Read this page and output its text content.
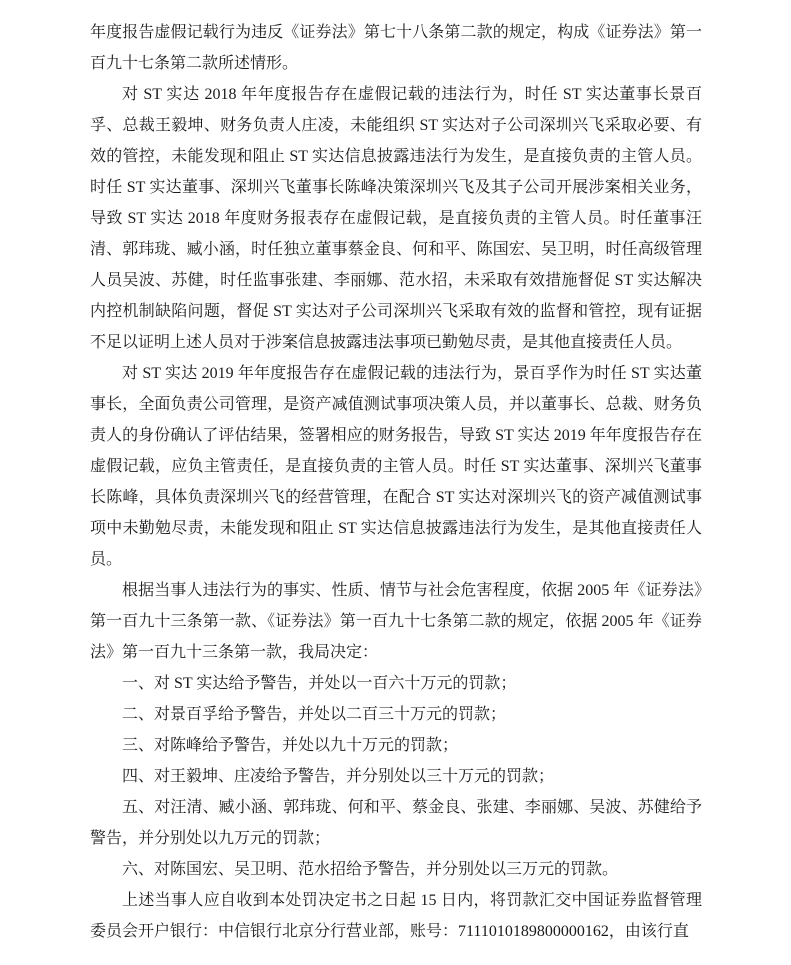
年度报告虚假记载行为违反《证券法》第七十八条第二款的规定，构成《证券法》第一百九十七条第二款所述情形。

对 ST 实达 2018 年年度报告存在虚假记载的违法行为，时任 ST 实达董事长景百孚、总裁王毅坤、财务负责人庄凌，未能组织 ST 实达对子公司深圳兴飞采取必要、有效的管控，未能发现和阻止 ST 实达信息披露违法行为发生，是直接负责的主管人员。时任 ST 实达董事、深圳兴飞董事长陈峰决策深圳兴飞及其子公司开展涉案相关业务，导致 ST 实达 2018 年度财务报表存在虚假记载，是直接负责的主管人员。时任董事汪清、郭玮珑、臧小涵，时任独立董事蔡金良、何和平、陈国宏、吴卫明，时任高级管理人员吴波、苏健，时任监事张建、李丽娜、范水招，未采取有效措施督促 ST 实达解决内控机制缺陷问题，督促 ST 实达对子公司深圳兴飞采取有效的监督和管控，现有证据不足以证明上述人员对于涉案信息披露违法事项已勤勉尽责，是其他直接责任人员。

对 ST 实达 2019 年年度报告存在虚假记载的违法行为，景百孚作为时任 ST 实达董事长，全面负责公司管理，是资产减值测试事项决策人员，并以董事长、总裁、财务负责人的身份确认了评估结果，签署相应的财务报告，导致 ST 实达 2019 年年度报告存在虚假记载，应负主管责任，是直接负责的主管人员。时任 ST 实达董事、深圳兴飞董事长陈峰，具体负责深圳兴飞的经营管理，在配合 ST 实达对深圳兴飞的资产减值测试事项中未勤勉尽责，未能发现和阻止 ST 实达信息披露违法行为发生，是其他直接责任人员。

根据当事人违法行为的事实、性质、情节与社会危害程度，依据 2005 年《证券法》第一百九十三条第一款、《证券法》第一百九十七条第二款的规定，依据 2005 年《证券法》第一百九十三条第一款，我局决定：

一、对 ST 实达给予警告，并处以一百六十万元的罚款；

二、对景百孚给予警告，并处以二百三十万元的罚款；

三、对陈峰给予警告，并处以九十万元的罚款；

四、对王毅坤、庄凌给予警告，并分别处以三十万元的罚款；

五、对汪清、臧小涵、郭玮珑、何和平、蔡金良、张建、李丽娜、吴波、苏健给予警告，并分别处以九万元的罚款；

六、对陈国宏、吴卫明、范水招给予警告，并分别处以三万元的罚款。

上述当事人应自收到本处罚决定书之日起 15 日内，将罚款汇交中国证券监督管理委员会开户银行：中信银行北京分行营业部，账号：7111010189800000162，由该行直
